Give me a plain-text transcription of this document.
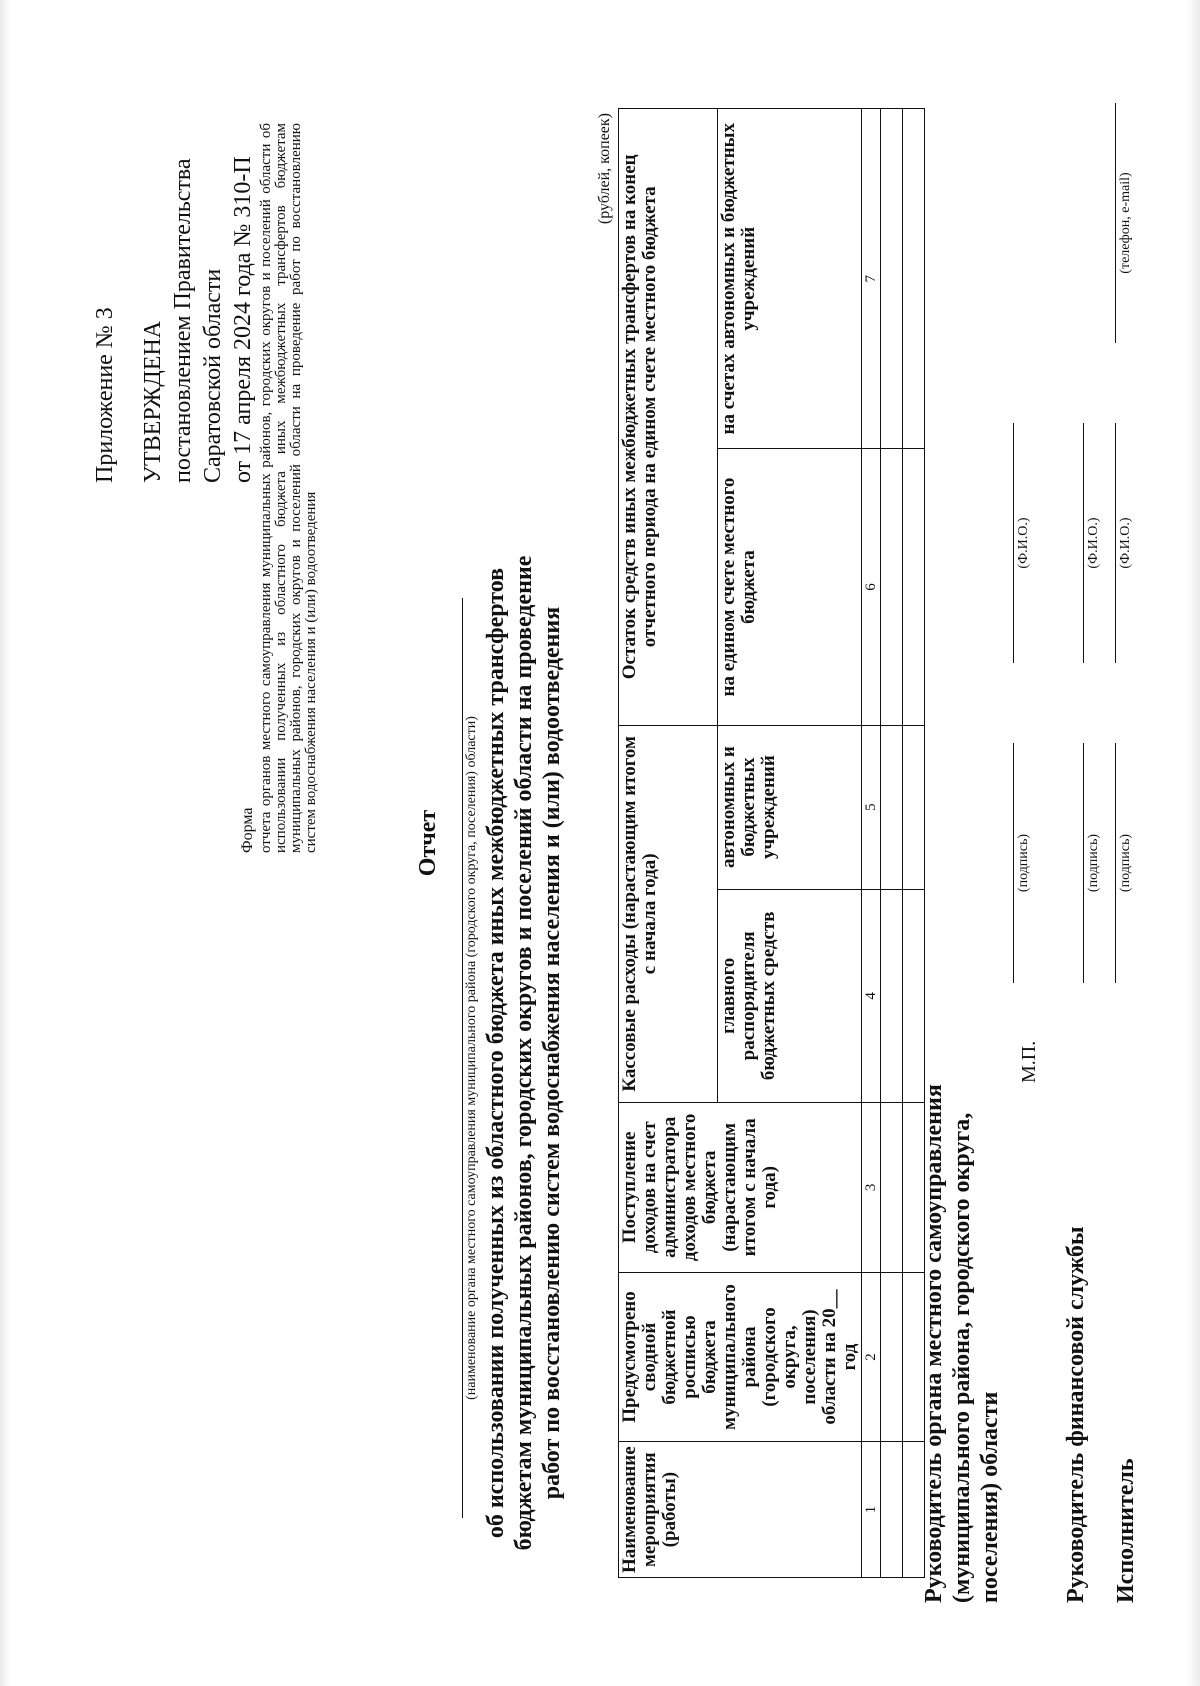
Приложение № 3 УТВЕРЖДЕНА постановлением Правительства Саратовской области от 17 апреля 2024 года № 310-П
Форма отчета органов местного самоуправления муниципальных районов, городских округов и поселений области об использовании полученных из областного бюджета иных межбюджетных трансфертов бюджетам муниципальных районов, городских округов и поселений области на проведение работ по восстановлению систем водоснабжения населения и (или) водоотведения	Отчет (наименование органа местного самоуправления муниципального района (городского округа, поселения) области) об использовании полученных из областного бюджета иных межбюджетных трансфертов бюджетам муниципальных районов, городских округов и поселений области на проведение работ по восстановлению систем водоснабжения населения и (или) водоотведения
(рублей, копеек)
Наименование мероприятия (работы)	Предусмотрено сводной бюджетной росписью бюджета муниципального района (городского округа, поселения) области на 20__ год	Поступление доходов на счет администратора доходов местного бюджета (нарастающим итогом с начала года)	Кассовые расходы (нарастающим итогом с начала года)		Остаток средств иных межбюджетных трансфертов на конец отчетного периода на едином счете местного бюджета	
			главного распорядителя бюджетных средств	автономных и бюджетных учреждений	на едином счете местного бюджета	на счетах автономных и бюджетных учреждений
1	2	3	4	5	6	7

Руководитель органа местного самоуправления (муниципального района, городского округа, поселения) области
М.П.
(подпись)
(Ф.И.О.)
Руководитель финансовой службы
(подпись)
(Ф.И.О.)
Исполнитель
(подпись)
(Ф.И.О.)
(телефон, e-mail)
